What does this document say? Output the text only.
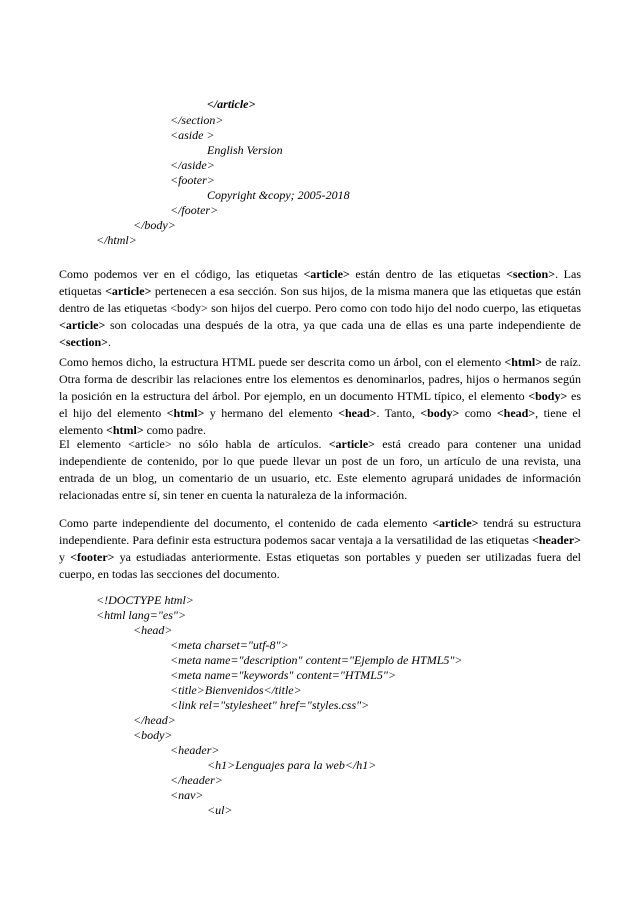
</article>
</section>
<aside >
English Version
</aside>
<footer>
Copyright &copy; 2005-2018
</footer>
</body>
</html>

Como podemos ver en el código, las etiquetas <article> están dentro de las etiquetas <section>. Las etiquetas <article> pertenecen a esa sección. Son sus hijos, de la misma manera que las etiquetas que están dentro de las etiquetas <body> son hijos del cuerpo. Pero como con todo hijo del nodo cuerpo, las etiquetas <article> son colocadas una después de la otra, ya que cada una de ellas es una parte independiente de <section>.

Como hemos dicho, la estructura HTML puede ser descrita como un árbol, con el elemento <html> de raíz. Otra forma de describir las relaciones entre los elementos es denominarlos, padres, hijos o hermanos según la posición en la estructura del árbol. Por ejemplo, en un documento HTML típico, el elemento <body> es el hijo del elemento <html> y hermano del elemento <head>. Tanto, <body> como <head>, tiene el elemento <html> como padre.

El elemento <article> no sólo habla de artículos. <article> está creado para contener una unidad independiente de contenido, por lo que puede llevar un post de un foro, un artículo de una revista, una entrada de un blog, un comentario de un usuario, etc. Este elemento agrupará unidades de información relacionadas entre sí, sin tener en cuenta la naturaleza de la información.

Como parte independiente del documento, el contenido de cada elemento <article> tendrá su estructura independiente. Para definir esta estructura podemos sacar ventaja a la versatilidad de las etiquetas <header> y <footer> ya estudiadas anteriormente. Estas etiquetas son portables y pueden ser utilizadas fuera del cuerpo, en todas las secciones del documento.

<!DOCTYPE html>
<html lang="es">
<head>
<meta charset="utf-8">
<meta name="description" content="Ejemplo de HTML5">
<meta name="keywords" content="HTML5">
<title>Bienvenidos</title>
<link rel="stylesheet" href="styles.css">
</head>
<body>
<header>
<h1>Lenguajes para la web</h1>
</header>
<nav>
<ul>
